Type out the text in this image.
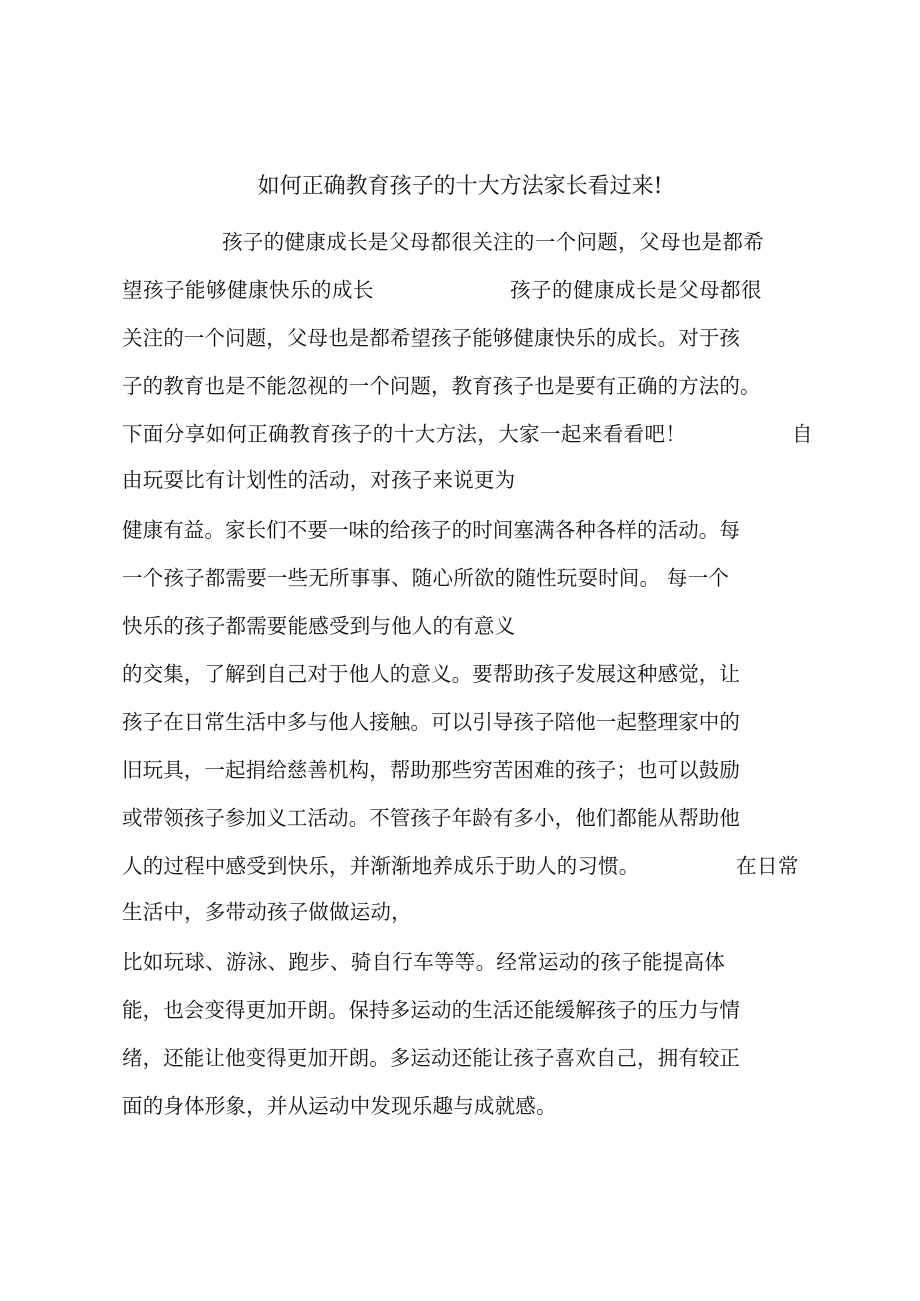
如何正确教育孩子的十大方法家长看过来!

孩子的健康成长是父母都很关注的一个问题，父母也是都希

望孩子能够健康快乐的成长	孩子的健康成长是父母都很

关注的一个问题，父母也是都希望孩子能够健康快乐的成长。对于孩

子的教育也是不能忽视的一个问题，教育孩子也是要有正确的方法的。

下面分享如何正确教育孩子的十大方法，大家一起来看看吧！	自

由玩耍比有计划性的活动，对孩子来说更为

健康有益。家长们不要一味的给孩子的时间塞满各种各样的活动。每

一个孩子都需要一些无所事事、随心所欲的随性玩耍时间。 每一个

快乐的孩子都需要能感受到与他人的有意义

的交集，了解到自己对于他人的意义。要帮助孩子发展这种感觉，让

孩子在日常生活中多与他人接触。可以引导孩子陪他一起整理家中的

旧玩具，一起捐给慈善机构，帮助那些穷苦困难的孩子；也可以鼓励

或带领孩子参加义工活动。不管孩子年龄有多小，他们都能从帮助他

人的过程中感受到快乐，并渐渐地养成乐于助人的习惯。	在日常

生活中，多带动孩子做做运动，

比如玩球、游泳、跑步、骑自行车等等。经常运动的孩子能提高体

能，也会变得更加开朗。保持多运动的生活还能缓解孩子的压力与情

绪，还能让他变得更加开朗。多运动还能让孩子喜欢自己，拥有较正

面的身体形象，并从运动中发现乐趣与成就感。
